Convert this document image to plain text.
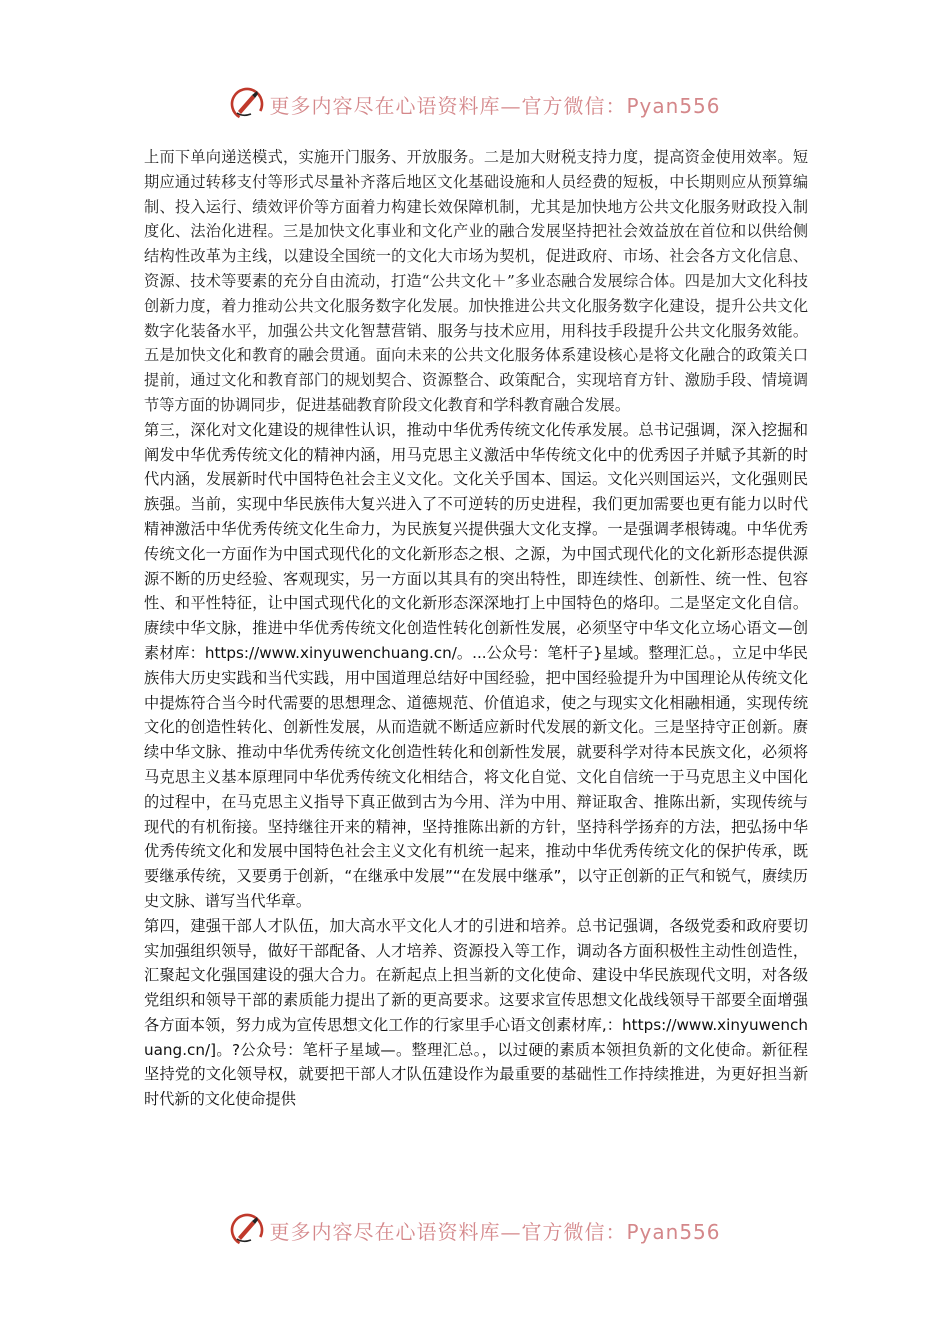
更多内容尽在心语资料库—官方微信：Pyan556

上而下单向递送模式，实施开门服务、开放服务。二是加大财税支持力度，提高资金使用效率。短期应通过转移支付等形式尽量补齐落后地区文化基础设施和人员经费的短板，中长期则应从预算编制、投入运行、绩效评价等方面着力构建长效保障机制，尤其是加快地方公共文化服务财政投入制度化、法治化进程。三是加快文化事业和文化产业的融合发展坚持把社会效益放在首位和以供给侧结构性改革为主线，以建设全国统一的文化大市场为契机，促进政府、市场、社会各方文化信息、资源、技术等要素的充分自由流动，打造“公共文化＋”多业态融合发展综合体。四是加大文化科技创新力度，着力推动公共文化服务数字化发展。加快推进公共文化服务数字化建设，提升公共文化数字化装备水平，加强公共文化智慧营销、服务与技术应用，用科技手段提升公共文化服务效能。五是加快文化和教育的融会贯通。面向未来的公共文化服务体系建设核心是将文化融合的政策关口提前，通过文化和教育部门的规划契合、资源整合、政策配合，实现培育方针、激励手段、情境调节等方面的协调同步，促进基础教育阶段文化教育和学科教育融合发展。

第三，深化对文化建设的规律性认识，推动中华优秀传统文化传承发展。总书记强调，深入挖掘和阐发中华优秀传统文化的精神内涵，用马克思主义激活中华传统文化中的优秀因子并赋予其新的时代内涵，发展新时代中国特色社会主义文化。文化关乎国本、国运。文化兴则国运兴，文化强则民族强。当前，实现中华民族伟大复兴进入了不可逆转的历史进程，我们更加需要也更有能力以时代精神激活中华优秀传统文化生命力，为民族复兴提供强大文化支撑。一是强调孝根铸魂。中华优秀传统文化一方面作为中国式现代化的文化新形态之根、之源，为中国式现代化的文化新形态提供源源不断的历史经验、客观现实，另一方面以其具有的突出特性，即连续性、创新性、统一性、包容性、和平性特征，让中国式现代化的文化新形态深深地打上中国特色的烙印。二是坚定文化自信。赓续中华文脉，推进中华优秀传统文化创造性转化创新性发展，必须坚守中华文化立场心语文—创素材库：https://www.xinyuwenchuang.cn/。...公众号：笔杆子}星域。整理汇总。，立足中华民族伟大历史实践和当代实践，用中国道理总结好中国经验，把中国经验提升为中国理论从传统文化中提炼符合当今时代需要的思想理念、道德规范、价值追求，使之与现实文化相融相通，实现传统文化的创造性转化、创新性发展，从而造就不断适应新时代发展的新文化。三是坚持守正创新。赓续中华文脉、推动中华优秀传统文化创造性转化和创新性发展，就要科学对待本民族文化，必须将马克思主义基本原理同中华优秀传统文化相结合，将文化自觉、文化自信统一于马克思主义中国化的过程中，在马克思主义指导下真正做到古为今用、洋为中用、辩证取舍、推陈出新，实现传统与现代的有机衔接。坚持继往开来的精神，坚持推陈出新的方针，坚持科学扬弃的方法，把弘扬中华优秀传统文化和发展中国特色社会主义文化有机统一起来，推动中华优秀传统文化的保护传承，既要继承传统，又要勇于创新，“在继承中发展”“在发展中继承”，以守正创新的正气和锐气，赓续历史文脉、谱写当代华章。

第四，建强干部人才队伍，加大高水平文化人才的引进和培养。总书记强调，各级党委和政府要切实加强组织领导，做好干部配备、人才培养、资源投入等工作，调动各方面积极性主动性创造性，汇聚起文化强国建设的强大合力。在新起点上担当新的文化使命、建设中华民族现代文明，对各级党组织和领导干部的素质能力提出了新的更高要求。这要求宣传思想文化战线领导干部要全面增强各方面本领，努力成为宣传思想文化工作的行家里手心语文创素材库,：https://www.xinyuwenchuang.cn/]。?公众号：笔杆子星域—。整理汇总。，以过硬的素质本领担负新的文化使命。新征程坚持党的文化领导权，就要把干部人才队伍建设作为最重要的基础性工作持续推进，为更好担当新时代新的文化使命提供

更多内容尽在心语资料库—官方微信：Pyan556
